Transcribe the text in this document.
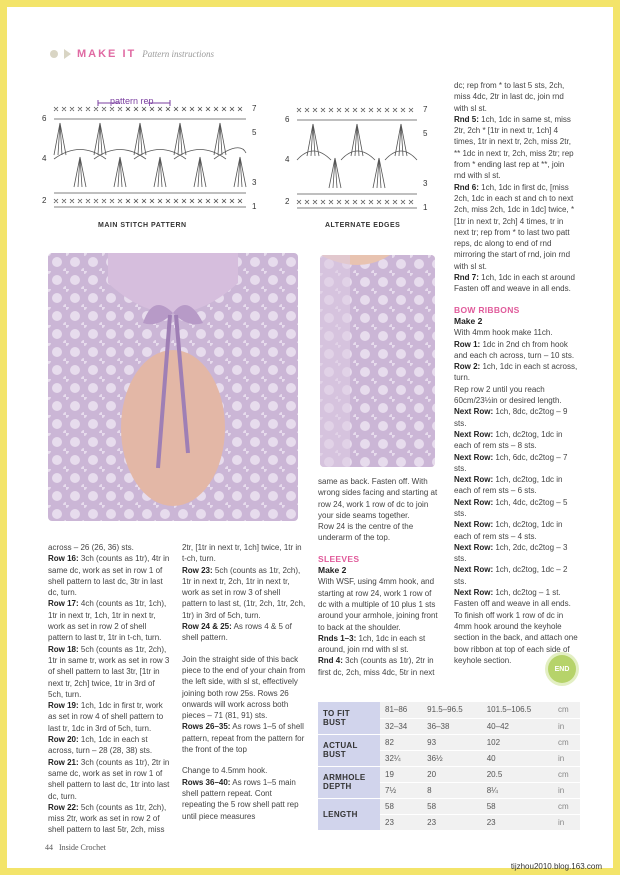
MAKE IT Pattern instructions
6
4
2
7
5
3
1
pattern rep
MAIN STITCH PATTERN
6
4
2
7
5
3
1
ALTERNATE EDGES

across – 26 (26, 36) sts.

Row 16: 3ch (counts as 1tr), 4tr in same dc, work as set in row 1 of shell pattern to last dc, 3tr in last dc, turn.

Row 17: 4ch (counts as 1tr, 1ch), 1tr in next tr, 1ch, 1tr in next tr, work as set in row 2 of shell pattern to last tr, 1tr in t-ch, turn.

Row 18: 5ch (counts as 1tr, 2ch), 1tr in same tr, work as set in row 3 of shell pattern to last 3tr, [1tr in next tr, 2ch] twice, 1tr in 3rd of 5ch, turn.

Row 19: 1ch, 1dc in first tr, work as set in row 4 of shell pattern to last tr, 1dc in 3rd of 5ch, turn.

Row 20: 1ch, 1dc in each st across, turn – 28 (28, 38) sts.

Row 21: 3ch (counts as 1tr), 2tr in same dc, work as set in row 1 of shell pattern to last dc, 1tr into last dc, turn.

Row 22: 5ch (counts as 1tr, 2ch), miss 2tr, work as set in row 2 of shell pattern to last 5tr, 2ch, miss

2tr, [1tr in next tr, 1ch] twice, 1tr in t-ch, turn.

Row 23: 5ch (counts as 1tr, 2ch), 1tr in next tr, 2ch, 1tr in next tr, work as set in row 3 of shell pattern to last st, (1tr, 2ch, 1tr, 2ch, 1tr) in 3rd of 5ch, turn.

Row 24 & 25: As rows 4 & 5 of shell pattern.

Join the straight side of this back piece to the end of your chain from the left side, with sl st, effectively joining both row 25s. Rows 26 onwards will work across both pieces – 71 (81, 91) sts.

Rows 26–35: As rows 1–5 of shell pattern, repeat from the pattern for the front of the top

Change to 4.5mm hook.

Rows 36–40: As rows 1–5 main shell pattern repeat. Cont repeating the 5 row shell patt rep until piece measures

same as back. Fasten off. With wrong sides facing and starting at row 24, work 1 row of dc to join your side seams together.

Row 24 is the centre of the underarm of the top.

SLEEVES
Make 2

With WSF, using 4mm hook, and starting at row 24, work 1 row of dc with a multiple of 10 plus 1 sts around your armhole, joining front to back at the shoulder.

Rnds 1–3: 1ch, 1dc in each st around, join rnd with sl st.

Rnd 4: 3ch (counts as 1tr), 2tr in first dc, 2ch, miss 4dc, 5tr in next

dc; rep from * to last 5 sts, 2ch, miss 4dc, 2tr in last dc, join rnd with sl st.

Rnd 5: 1ch, 1dc in same st, miss 2tr, 2ch * [1tr in next tr, 1ch] 4 times, 1tr in next tr, 2ch, miss 2tr, ** 1dc in next tr, 2ch, miss 2tr; rep from * ending last rep at **, join rnd with sl st.

Rnd 6: 1ch, 1dc in first dc, [miss 2ch, 1dc in each st and ch to next 2ch, miss 2ch, 1dc in 1dc] twice, *[1tr in next tr, 2ch] 4 times, tr in next tr; rep from * to last two patt reps, dc along to end of rnd mirroring the start of rnd, join rnd with sl st.

Rnd 7: 1ch, 1dc in each st around Fasten off and weave in all ends.

BOW RIBBONS
Make 2

With 4mm hook make 11ch.

Row 1: 1dc in 2nd ch from hook and each ch across, turn – 10 sts.

Row 2: 1ch, 1dc in each st across, turn.

Rep row 2 until you reach 60cm/23½in or desired length.

Next Row: 1ch, 8dc, dc2tog – 9 sts.

Next Row: 1ch, dc2tog, 1dc in each of rem sts – 8 sts.

Next Row: 1ch, 6dc, dc2tog – 7 sts.

Next Row: 1ch, dc2tog, 1dc in each of rem sts – 6 sts.

Next Row: 1ch, 4dc, dc2tog – 5 sts.

Next Row: 1ch, dc2tog, 1dc in each of rem sts – 4 sts.

Next Row: 1ch, 2dc, dc2tog – 3 sts.

Next Row: 1ch, dc2tog, 1dc – 2 sts.

Next Row: 1ch, dc2tog – 1 st. Fasten off and weave in all ends. To finish off work 1 row of dc in 4mm hook around the keyhole section in the back, and attach one bow ribbon at top of each side of keyhole section.

END
TO FIT BUST	81–86	91.5–96.5	101.5–106.5	cm
	32–34	36–38	40–42	in
ACTUAL BUST	82	93	102	cm
	32¼	36½	40	in
ARMHOLE DEPTH	19	20	20.5	cm
	7½	8	8¼	in
LENGTH	58	58	58	cm
	23	23	23	in
44 Inside Crochet
tijzhou2010.blog.163.com
